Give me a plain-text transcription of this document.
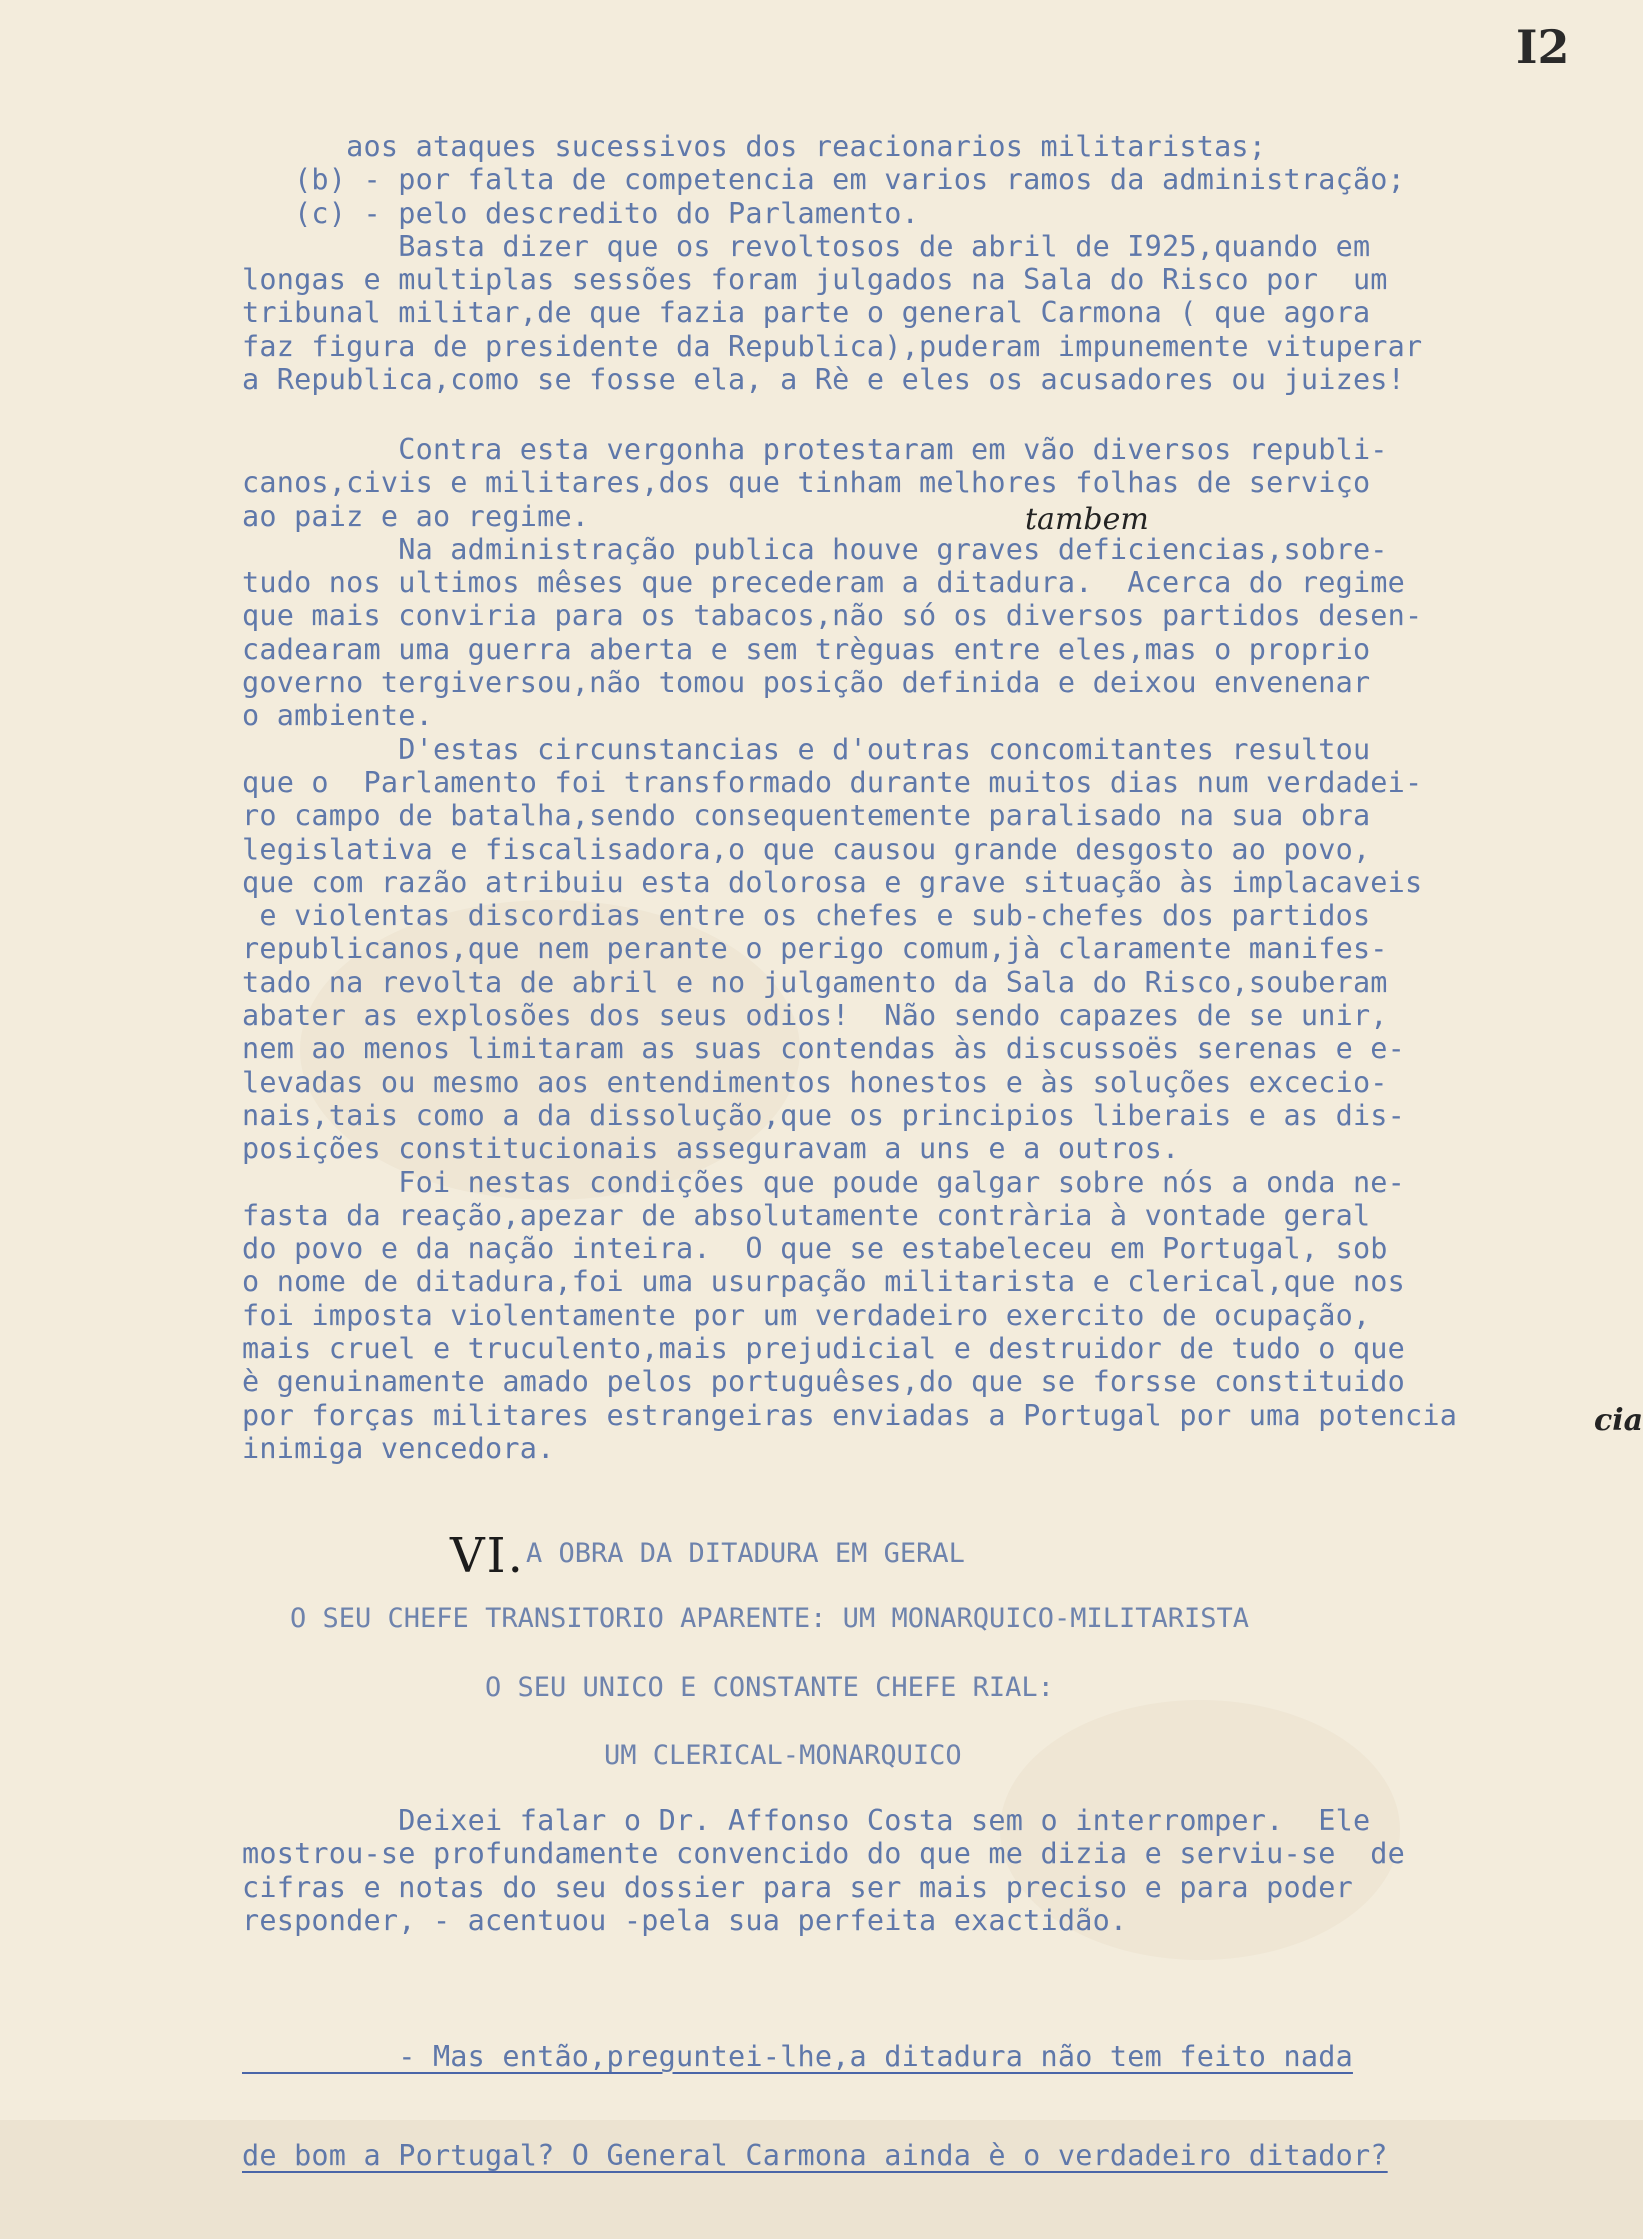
I2
aos ataques sucessivos dos reacionarios militaristas;
(b) - por falta de competencia em varios ramos da administração;
(c) - pelo descredito do Parlamento.
Basta dizer que os revoltosos de abril de I925,quando em
longas e multiplas sessões foram julgados na Sala do Risco por  um
tribunal militar,de que fazia parte o general Carmona ( que agora
faz figura de presidente da Republica),puderam impunemente vituperar
a Republica,como se fosse ela, a Rè e eles os acusadores ou juizes!
Contra esta vergonha protestaram em vão diversos republi-
canos,civis e militares,dos que tinham melhores folhas de serviço
ao paiz e ao regime.
Na administração publica houve graves deficiencias,sobre-
tudo nos ultimos mêses que precederam a ditadura.  Acerca do regime
que mais conviria para os tabacos,não só os diversos partidos desen-
cadearam uma guerra aberta e sem trèguas entre eles,mas o proprio
governo tergiversou,não tomou posição definida e deixou envenenar
o ambiente.
D'estas circunstancias e d'outras concomitantes resultou
que o  Parlamento foi transformado durante muitos dias num verdadei-
ro campo de batalha,sendo consequentemente paralisado na sua obra
legislativa e fiscalisadora,o que causou grande desgosto ao povo,
que com razão atribuiu esta dolorosa e grave situação às implacaveis
e violentas discordias entre os chefes e sub-chefes dos partidos
republicanos,que nem perante o perigo comum,jà claramente manifes-
tado na revolta de abril e no julgamento da Sala do Risco,souberam
abater as explosões dos seus odios!  Não sendo capazes de se unir,
nem ao menos limitaram as suas contendas às discussoës serenas e e-
levadas ou mesmo aos entendimentos honestos e às soluções excecio-
nais,tais como a da dissolução,que os principios liberais e as dis-
posições constitucionais asseguravam a uns e a outros.
Foi nestas condições que poude galgar sobre nós a onda ne-
fasta da reação,apezar de absolutamente contrària à vontade geral
do povo e da nação inteira.  O que se estabeleceu em Portugal, sob
o nome de ditadura,foi uma usurpação militarista e clerical,que nos
foi imposta violentamente por um verdadeiro exercito de ocupação,
mais cruel e truculento,mais prejudicial e destruidor de tudo o que
è genuinamente amado pelos portuguêses,do que se forsse constituido
por forças militares estrangeiras enviadas a Portugal por uma potencia
inimiga vencedora.
tambem
cia
VI. A OBRA DA DITADURA EM GERAL
O SEU CHEFE TRANSITORIO APARENTE: UM MONARQUICO-MILITARISTA
O SEU UNICO E CONSTANTE CHEFE RIAL:
UM CLERICAL-MONARQUICO
Deixei falar o Dr. Affonso Costa sem o interromper.  Ele
mostrou-se profundamente convencido do que me dizia e serviu-se  de
cifras e notas do seu dossier para ser mais preciso e para poder
responder, - acentuou -pela sua perfeita exactidão.

- Mas então,preguntei-lhe,a ditadura não tem feito nada

de bom a Portugal? O General Carmona ainda è o verdadeiro ditador?
